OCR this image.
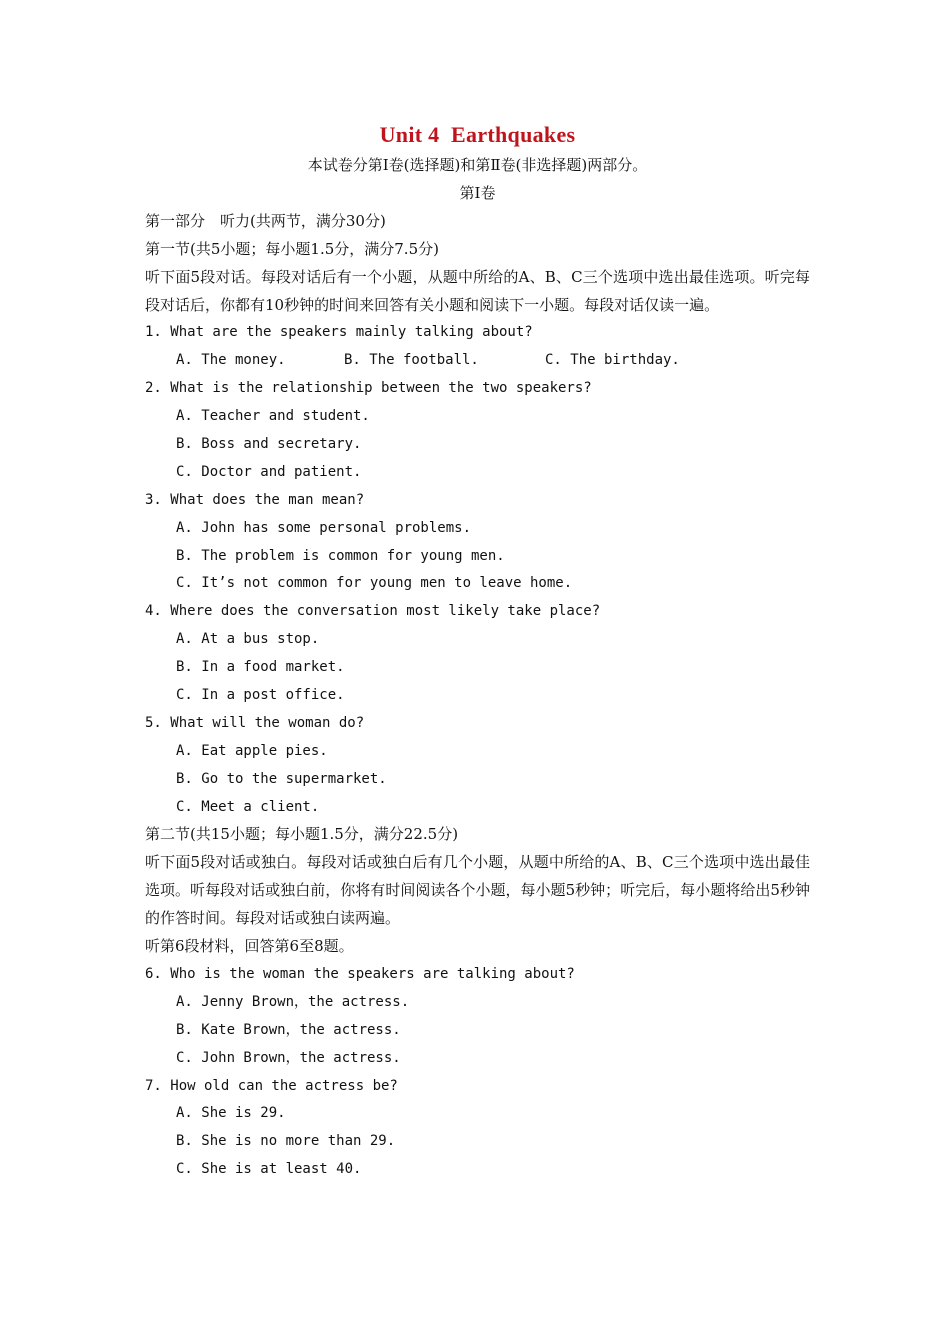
Unit 4  Earthquakes
本试卷分第Ⅰ卷(选择题)和第Ⅱ卷(非选择题)两部分。
第Ⅰ卷
第一部分　听力(共两节，满分30分)
第一节(共5小题；每小题1.5分，满分7.5分)
听下面5段对话。每段对话后有一个小题，从题中所给的A、B、C三个选项中选出最佳选项。听完每段对话后，你都有10秒钟的时间来回答有关小题和阅读下一小题。每段对话仅读一遍。
1. What are the speakers mainly talking about?
A. The money.	B. The football.	C. The birthday.
2. What is the relationship between the two speakers?
A. Teacher and student.
B. Boss and secretary.
C. Doctor and patient.
3. What does the man mean?
A. John has some personal problems.
B. The problem is common for young men.
C. It’s not common for young men to leave home.
4. Where does the conversation most likely take place?
A. At a bus stop.
B. In a food market.
C. In a post office.
5. What will the woman do?
A. Eat apple pies.
B. Go to the supermarket.
C. Meet a client.
第二节(共15小题；每小题1.5分，满分22.5分)
听下面5段对话或独白。每段对话或独白后有几个小题，从题中所给的A、B、C三个选项中选出最佳选项。听每段对话或独白前，你将有时间阅读各个小题，每小题5秒钟；听完后，每小题将给出5秒钟的作答时间。每段对话或独白读两遍。
听第6段材料，回答第6至8题。
6. Who is the woman the speakers are talking about?
A. Jenny Brown，the actress.
B. Kate Brown，the actress.
C. John Brown，the actress.
7. How old can the actress be?
A. She is 29.
B. She is no more than 29.
C. She is at least 40.
